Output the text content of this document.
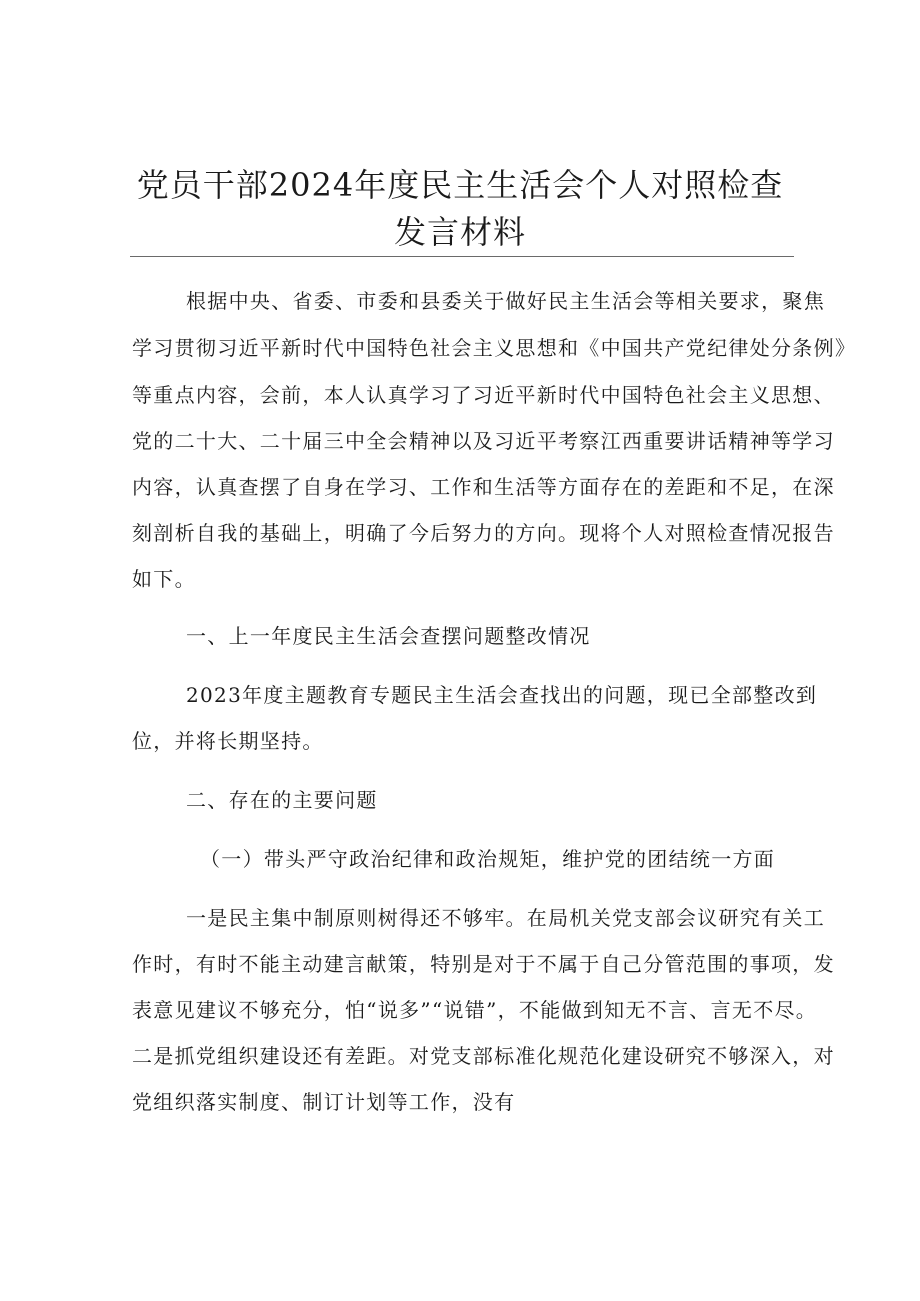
党员干部2024年度民主生活会个人对照检查
发言材料
根据中央、省委、市委和县委关于做好民主生活会等相关要求，聚焦
学习贯彻习近平新时代中国特色社会主义思想和《中国共产党纪律处分条例》
等重点内容，会前，本人认真学习了习近平新时代中国特色社会主义思想、
党的二十大、二十届三中全会精神以及习近平考察江西重要讲话精神等学习
内容，认真查摆了自身在学习、工作和生活等方面存在的差距和不足，在深
刻剖析自我的基础上，明确了今后努力的方向。现将个人对照检查情况报告
如下。
一、上一年度民主生活会查摆问题整改情况
2023年度主题教育专题民主生活会查找出的问题，现已全部整改到
位，并将长期坚持。
二、存在的主要问题
（一）带头严守政治纪律和政治规矩，维护党的团结统一方面
一是民主集中制原则树得还不够牢。在局机关党支部会议研究有关工
作时，有时不能主动建言献策，特别是对于不属于自己分管范围的事项，发
表意见建议不够充分，怕“说多”“说错”，不能做到知无不言、言无不尽。
二是抓党组织建设还有差距。对党支部标准化规范化建设研究不够深入，对
党组织落实制度、制订计划等工作，没有
